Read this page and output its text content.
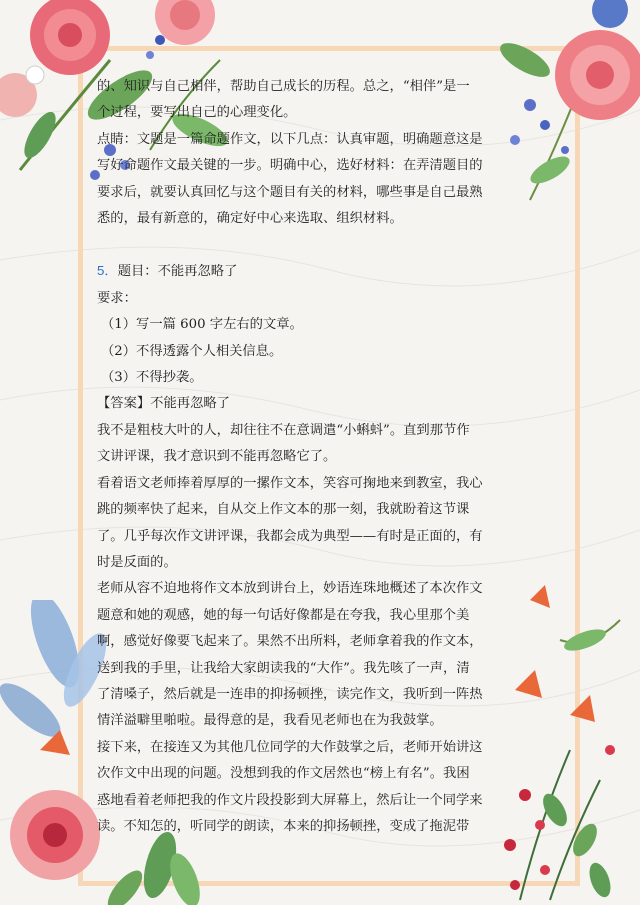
的、知识与自己相伴，帮助自己成长的历程。总之，“相伴”是一

个过程，要写出自己的心理变化。

点睛：文题是一篇命题作文，以下几点：认真审题，明确题意这是

写好命题作文最关键的一步。明确中心，选好材料：在弄清题目的

要求后，就要认真回忆与这个题目有关的材料，哪些事是自己最熟

悉的，最有新意的，确定好中心来选取、组织材料。

5．题目：不能再忽略了

要求：

（1）写一篇 600 字左右的文章。

（2）不得透露个人相关信息。

（3）不得抄袭。

【答案】不能再忽略了

我不是粗枝大叶的人，却往往不在意调遣“小蝌蚪”。直到那节作

文讲评课，我才意识到不能再忽略它了。

看着语文老师捧着厚厚的一摞作文本，笑容可掬地来到教室，我心

跳的频率快了起来，自从交上作文本的那一刻，我就盼着这节课

了。几乎每次作文讲评课，我都会成为典型——有时是正面的，有

时是反面的。

老师从容不迫地将作文本放到讲台上，妙语连珠地概述了本次作文

题意和她的观感，她的每一句话好像都是在夸我，我心里那个美

啊，感觉好像要飞起来了。果然不出所料，老师拿着我的作文本，

送到我的手里，让我给大家朗读我的“大作”。我先咳了一声，清

了清嗓子，然后就是一连串的抑扬顿挫，读完作文，我听到一阵热

情洋溢噼里啪啦。最得意的是，我看见老师也在为我鼓掌。

接下来，在接连又为其他几位同学的大作鼓掌之后，老师开始讲这

次作文中出现的问题。没想到我的作文居然也“榜上有名”。我困

惑地看着老师把我的作文片段投影到大屏幕上，然后让一个同学来

读。不知怎的，听同学的朗读，本来的抑扬顿挫，变成了拖泥带
